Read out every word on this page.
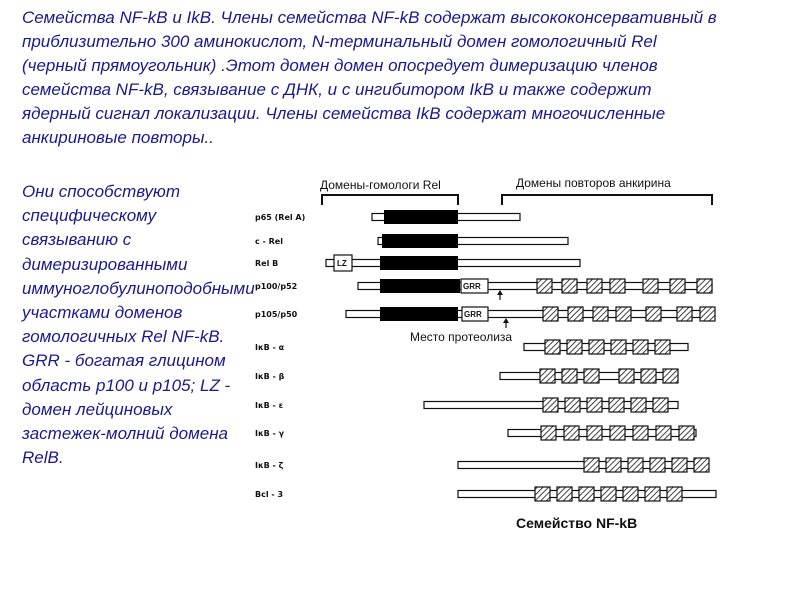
Семейства NF-kB и IkB. Члены семейства NF-kB содержат высококонсервативный в приблизительно 300 аминокислот, N-терминальный домен гомологичный Rel (черный прямоугольник) .Этот домен домен опосредует димеризацию членов семейства NF-kB, связывание с ДНК, и с ингибитором IkB и также содержит ядерный сигнал локализации. Члены семейства IkB содержат многочисленные анкириновые повторы..

Они способствуют специфическому связыванию с димеризированными иммуноглобулиноподобными участками доменов гомологичных Rel NF-kB. GRR - богатая глицином область p100 и p105; LZ - домен лейциновых застежек-молний домена RelB.

Домены-гомологи Rel	Домены повторов анкирина
p65 (Rel A)
c - Rel
Rel B	LZ
p100/p52	GRR
p105/p50	GRR
IκB - α
IκB - β
IκB - ε
IκB - γ
IκB - ζ
Bcl - 3
Место протеолиза
Семейство NF-kB
